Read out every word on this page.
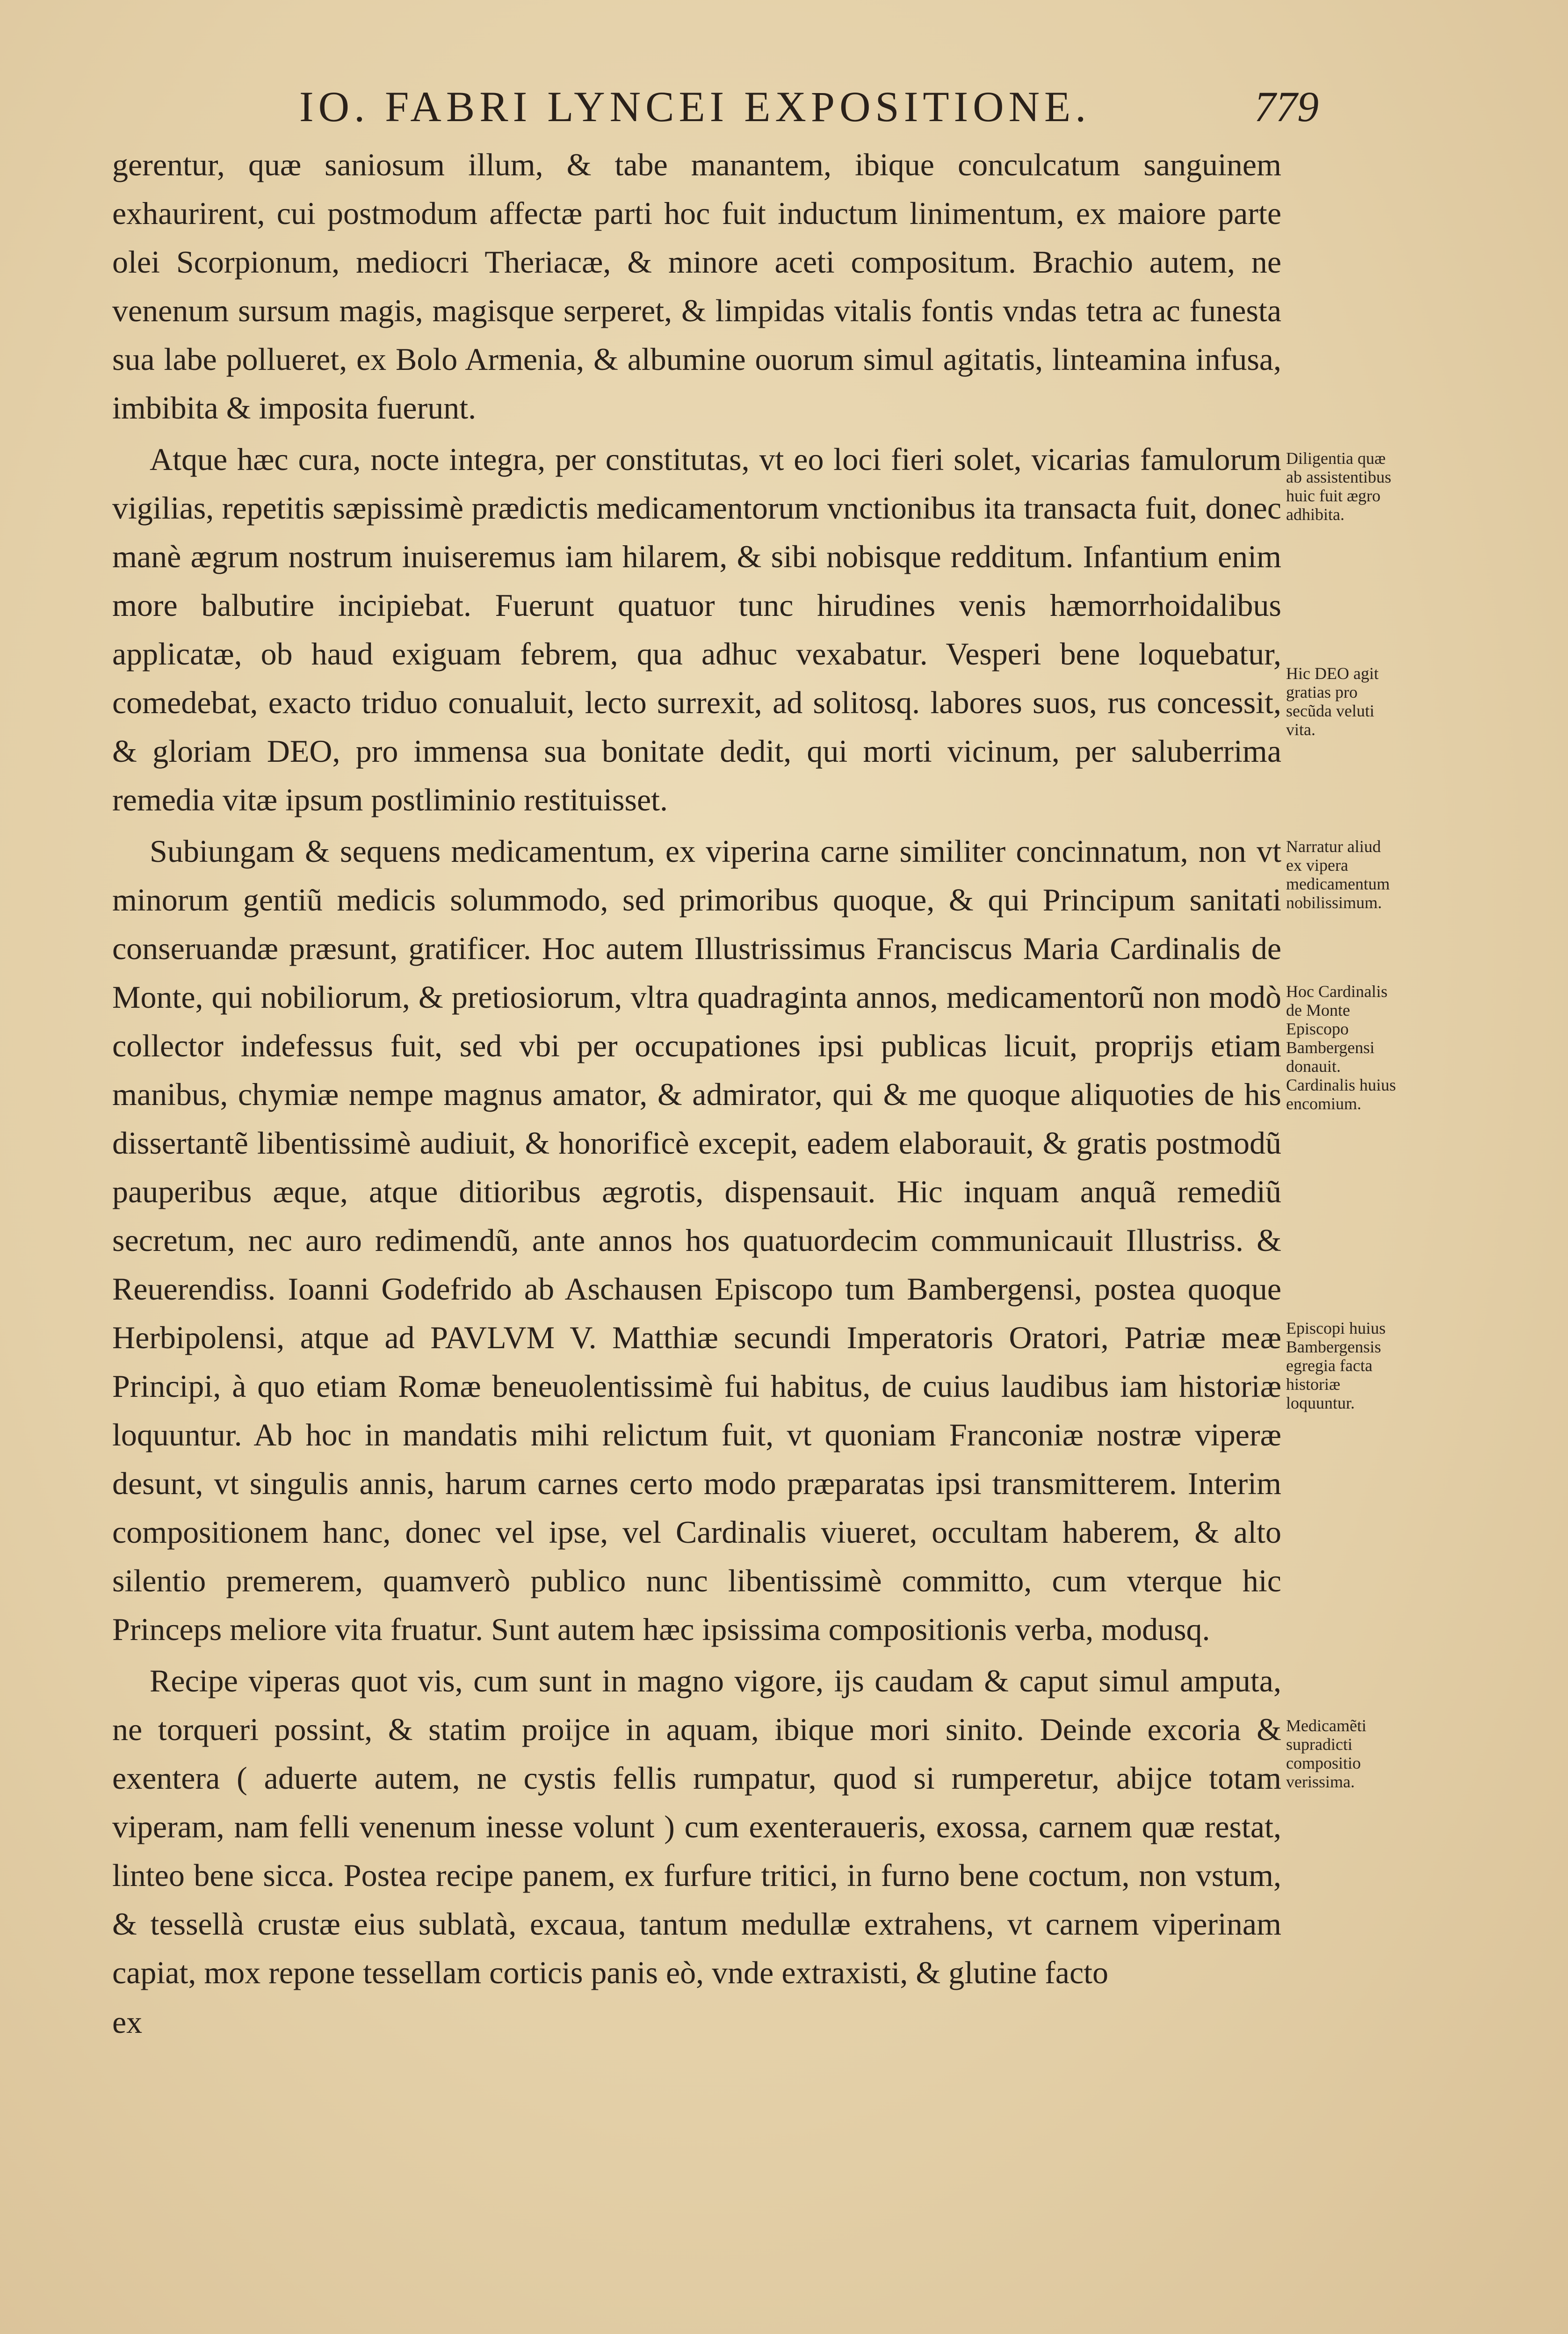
IO. FABRI LYNCEI EXPOSITIONE.	779

gerentur, quæ saniosum illum, & tabe manantem, ibique conculcatum sanguinem exhaurirent, cui postmodum affectæ parti hoc fuit inductum linimentum, ex maiore parte olei Scorpionum, mediocri Theriacæ, & minore aceti compositum. Brachio autem, ne venenum sursum magis, magisque serperet, & limpidas vitalis fontis vndas tetra ac funesta sua labe pollueret, ex Bolo Armenia, & albumine ouorum simul agitatis, linteamina infusa, imbibita & imposita fuerunt.

Atque hæc cura, nocte integra, per constitutas, vt eo loci fieri solet, vicarias famulorum vigilias, repetitis sæpissimè prædictis medicamentorum vnctionibus ita transacta fuit, donec manè ægrum nostrum inuiseremus iam hilarem, & sibi nobisque redditum. Infantium enim more balbutire incipiebat. Fuerunt quatuor tunc hirudines venis hæmorrhoidalibus applicatæ, ob haud exiguam febrem, qua adhuc vexabatur. Vesperi bene loquebatur, comedebat, exacto triduo conualuit, lecto surrexit, ad solitosq. labores suos, rus concessit, & gloriam DEO, pro immensa sua bonitate dedit, qui morti vicinum, per saluberrima remedia vitæ ipsum postliminio restituisset.

Subiungam & sequens medicamentum, ex viperina carne similiter concinnatum, non vt minorum gentiũ medicis solummodo, sed primoribus quoque, & qui Principum sanitati conseruandæ præsunt, gratificer. Hoc autem Illustrissimus Franciscus Maria Cardinalis de Monte, qui nobiliorum, & pretiosiorum, vltra quadraginta annos, medicamentorũ non modò collector indefessus fuit, sed vbi per occupationes ipsi publicas licuit, proprijs etiam manibus, chymiæ nempe magnus amator, & admirator, qui & me quoque aliquoties de his dissertantẽ libentissimè audiuit, & honorificè excepit, eadem elaborauit, & gratis postmodũ pauperibus æque, atque ditioribus ægrotis, dispensauit. Hic inquam anquã remediũ secretum, nec auro redimendũ, ante annos hos quatuordecim communicauit Illustriss. & Reuerendiss. Ioanni Godefrido ab Aschausen Episcopo tum Bambergensi, postea quoque Herbipolensi, atque ad PAVLVM V. Matthiæ secundi Imperatoris Oratori, Patriæ meæ Principi, à quo etiam Romæ beneuolentissimè fui habitus, de cuius laudibus iam historiæ loquuntur. Ab hoc in mandatis mihi relictum fuit, vt quoniam Franconiæ nostræ viperæ desunt, vt singulis annis, harum carnes certo modo præparatas ipsi transmitterem. Interim compositionem hanc, donec vel ipse, vel Cardinalis viueret, occultam haberem, & alto silentio premerem, quamverò publico nunc libentissimè committo, cum vterque hic Princeps meliore vita fruatur. Sunt autem hæc ipsissima compositionis verba, modusq.

Recipe viperas quot vis, cum sunt in magno vigore, ijs caudam & caput simul amputa, ne torqueri possint, & statim proijce in aquam, ibique mori sinito. Deinde excoria & exentera ( aduerte autem, ne cystis fellis rumpatur, quod si rumperetur, abijce totam viperam, nam felli venenum inesse volunt ) cum exenteraueris, exossa, carnem quæ restat, linteo bene sicca. Postea recipe panem, ex furfure tritici, in furno bene coctum, non vstum, & tessellà crustæ eius sublatà, excaua, tantum medullæ extrahens, vt carnem viperinam capiat, mox repone tessellam corticis panis eò, vnde extraxisti, & glutine facto

ex

Diligentia quæ ab assistentibus huic fuit ægro adhibita.
Hic DEO agit gratias pro secũda veluti vita.
Narratur aliud ex vipera medicamentum nobilissimum.
Hoc Cardinalis de Monte Episcopo Bambergensi donauit. Cardinalis huius encomium.
Episcopi huius Bambergensis egregia facta historiæ loquuntur.
Medicamẽti supradicti compositio verissima.
